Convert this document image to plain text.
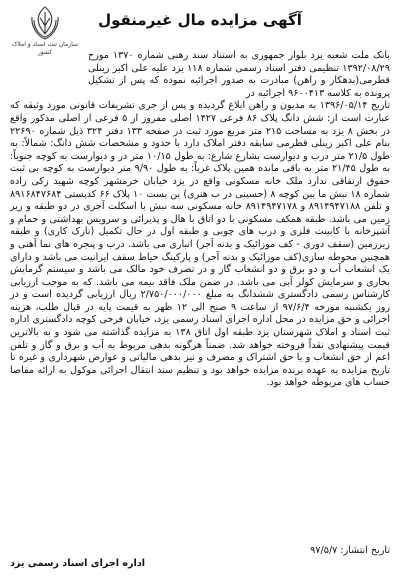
آگهی مزایده مال غیرمنقول
سازمان ثبت اسناد و املاک کشور	بانک ملت شعبه یزد بلوار جمهوری به استناد سند رهنی شماره ۱۳۷۰ مورخ ۱۳۹۲/۰۸/۲۹ تنظیمی دفتر اسناد رسمی شماره ۱۱۸ یزد علیه علی اکبر زینلی قطرمی(بدهکار و راهن) مبادرت به صدور اجرائیه نموده که پس از تشکیل پرونده به کلاسه ۹۶۰۰۴۱۳ اجرائیه در

تاریخ ۱۳۹۶/۰۵/۱۴ به مدیون و راهن ابلاغ گردیده و پس از جری تشریفات قانونی مورد وثیقه که عبارت است از: شش دانگ پلاک ۸۶ فرعی ۱۴۲۷ اصلی مفروز از ۵ فرعی از اصلی مذکور واقع در بخش ۸ یزد به مساحت ۲۱۵ متر مربع مورد ثبت در صفحه ۱۳۳ دفتر ۳۲۴ ذیل شماره ۲۲۶۹۰ بنام علی اکبر زینلی قطرمی سابقه دفتر املاک دارد با حدود و مشخصات شش دانگ: شمالاً: به طول ۲۱/۵ متر درب و دیوارست بشارع شارع: به طول ۱۰/۱۵ متر در و دیوارست به کوچه جنوباً: به طول ۲۱/۴۵ متر به باقی مانده همین پلاک غرباً: به طول ۹/۹۰ متر دیوارست به کوچه بی ثبت حقوق ارتفاقی ندارد ملک خانه مسکونی واقع در یزد خیابان خرمشهر کوچه شهید زکی زاده شماره ۱۸ نبش ما بین کوچه ۸ (حسینی در ب هنری) بن بست ۱۰ پلاک ۶۶ کدپستی ۸۹۱۶۸۴۷۶۸۴ و تلفن ۸۹۱۴۹۴۷۱۸۸ و ۸۹۱۴۹۴۷۱۷۸ خانه مسکونی سه نبش با اسکلت آجری در دو طبقه و زیر زمین می باشد. طبقه همکف مسکونی با دو اتاق با هال و پذیرائی و سرویس بهداشتی و حمام و آشپزخانه با کابینت فلزی و درب های چوبی و طبقه اول در حال تکمیل (نازک کاری) و طبقه زیرزمین (سقف دوری - کف موزائیک و بدنه آجر) انباری می باشد. درب و پنجره های نما آهنی و همچنین محوطه سازی(کف موزائیک و بدنه آجر) و پارکینگ حیاط سقف ایرانیت می باشد و دارای یک انشعاب آب و دو برق و دو انشعاب گاز و در تصرف خود مالک می باشد و سیستم گرمایش بخاری و سرمایش کولر آبی می باشد. در ضمن ملک فاقد بیمه می باشد. که به موجب ارزیابی کارشناس رسمی دادگستری ششدانگ به مبلغ ۲/۷۵۰/۰۰۰/۰۰۰ ریال ارزیابی گردیده است و در روز یکشنبه مورخه ۹۷/۶/۴ از ساعت ۹ صبح الی ۱۲ ظهر به قیمت پایه در قبال طلب، هزینه اجرائی و حق مزایده در محل اداره اجرای اسناد رسمی یزد، خیابان فرخی کوچه دادگستری اداره ثبت اسناد و املاک شهرستان یزد طبقه اول اتاق ۱۳۸ به مزایده گذاشته می شود و به بالاترین قیمت پیشنهادی نقداً فروخته خواهد شد. ضمناً هرگونه بدهی مربوط به آب و برق و گاز و تلفن اعم از حق انشعاب و یا حق اشتراک و مصرف و نیز بدهی مالیاتی و عوارض شهرداری و غیره تا تاریخ مزایده به عهده برنده مزایده خواهد بود و تنظیم سند انتقال اجرائی موکول به ارائه مفاصا حساب های مربوطه خواهد بود.

تاریخ انتشار: ۹۷/۵/۷
اداره اجرای اسناد رسمی یزد
